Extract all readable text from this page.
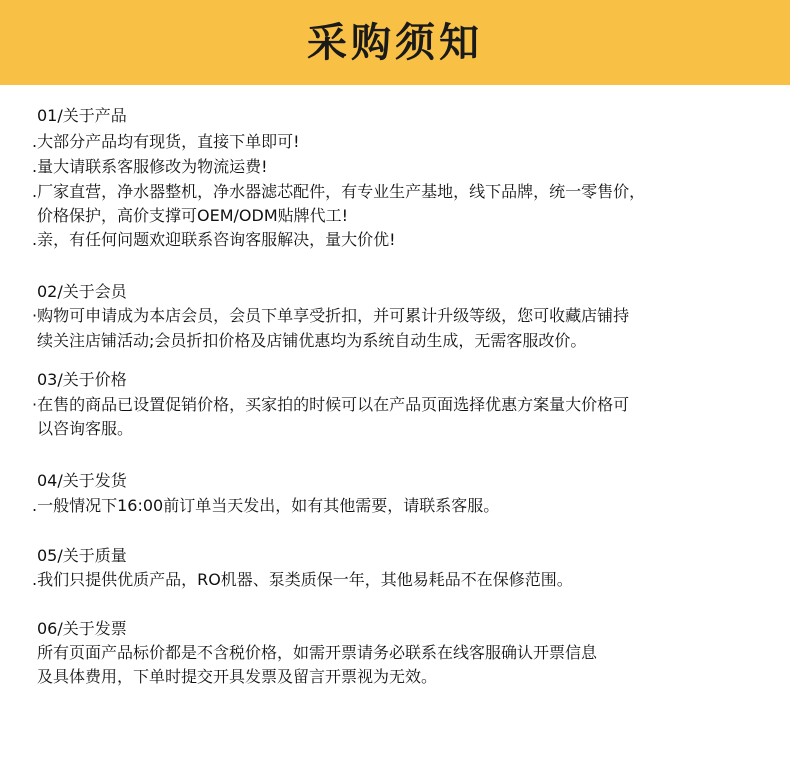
采购须知
01/关于产品
.大部分产品均有现货，直接下单即可!
.量大请联系客服修改为物流运费!
.厂家直营，净水器整机，净水器滤芯配件，有专业生产基地，线下品牌，统一零售价，
价格保护，高价支撑可OEM/ODM贴牌代工!
.亲，有任何问题欢迎联系咨询客服解决，量大价优!
02/关于会员
·购物可申请成为本店会员，会员下单享受折扣，并可累计升级等级，您可收藏店铺持
续关注店铺活动;会员折扣价格及店铺优惠均为系统自动生成，无需客服改价。
03/关于价格
·在售的商品已设置促销价格，买家拍的时候可以在产品页面选择优惠方案量大价格可
以咨询客服。
04/关于发货
.一般情况下16:00前订单当天发出，如有其他需要，请联系客服。
05/关于质量
.我们只提供优质产品，RO机器、泵类质保一年，其他易耗品不在保修范围。
06/关于发票
所有页面产品标价都是不含税价格，如需开票请务必联系在线客服确认开票信息
及具体费用，下单时提交开具发票及留言开票视为无效。
